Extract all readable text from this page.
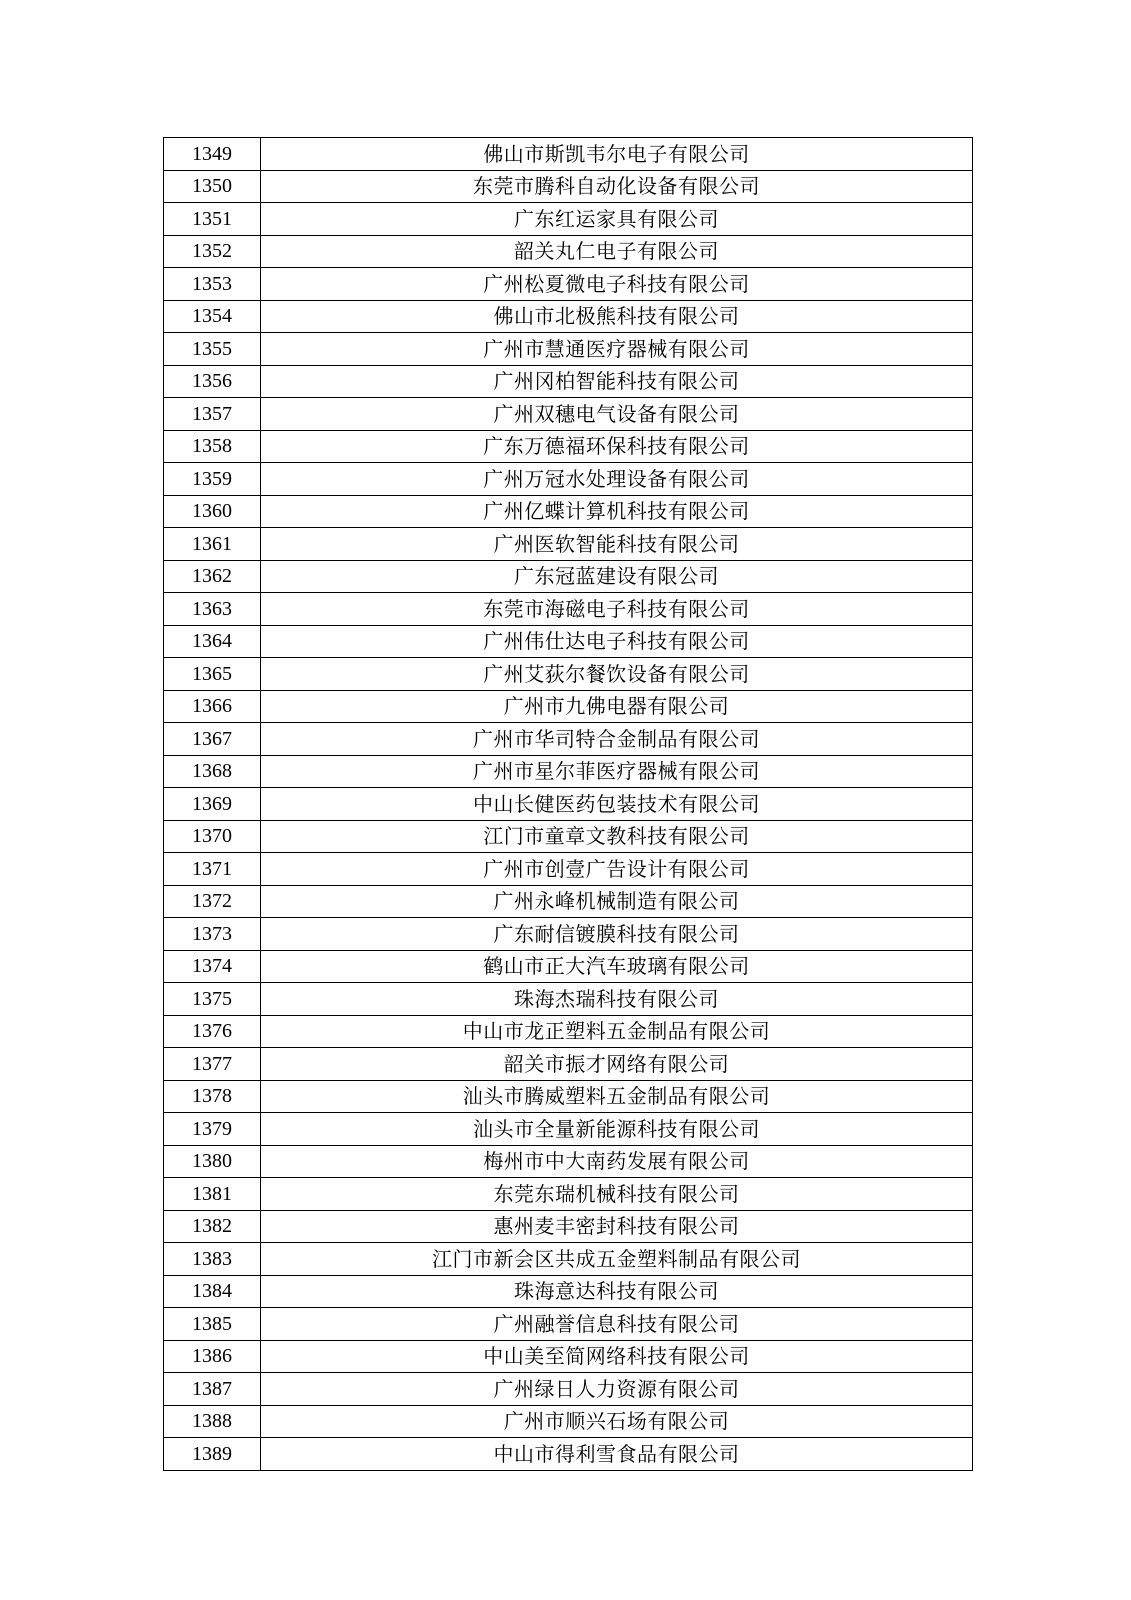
1349	佛山市斯凯韦尔电子有限公司
1350	东莞市腾科自动化设备有限公司
1351	广东红运家具有限公司
1352	韶关丸仁电子有限公司
1353	广州松夏微电子科技有限公司
1354	佛山市北极熊科技有限公司
1355	广州市慧通医疗器械有限公司
1356	广州冈柏智能科技有限公司
1357	广州双穗电气设备有限公司
1358	广东万德福环保科技有限公司
1359	广州万冠水处理设备有限公司
1360	广州亿蝶计算机科技有限公司
1361	广州医软智能科技有限公司
1362	广东冠蓝建设有限公司
1363	东莞市海磁电子科技有限公司
1364	广州伟仕达电子科技有限公司
1365	广州艾荻尔餐饮设备有限公司
1366	广州市九佛电器有限公司
1367	广州市华司特合金制品有限公司
1368	广州市星尔菲医疗器械有限公司
1369	中山长健医药包装技术有限公司
1370	江门市童章文教科技有限公司
1371	广州市创壹广告设计有限公司
1372	广州永峰机械制造有限公司
1373	广东耐信镀膜科技有限公司
1374	鹤山市正大汽车玻璃有限公司
1375	珠海杰瑞科技有限公司
1376	中山市龙正塑料五金制品有限公司
1377	韶关市振才网络有限公司
1378	汕头市腾威塑料五金制品有限公司
1379	汕头市全量新能源科技有限公司
1380	梅州市中大南药发展有限公司
1381	东莞东瑞机械科技有限公司
1382	惠州麦丰密封科技有限公司
1383	江门市新会区共成五金塑料制品有限公司
1384	珠海意达科技有限公司
1385	广州融誉信息科技有限公司
1386	中山美至简网络科技有限公司
1387	广州绿日人力资源有限公司
1388	广州市顺兴石场有限公司
1389	中山市得利雪食品有限公司
